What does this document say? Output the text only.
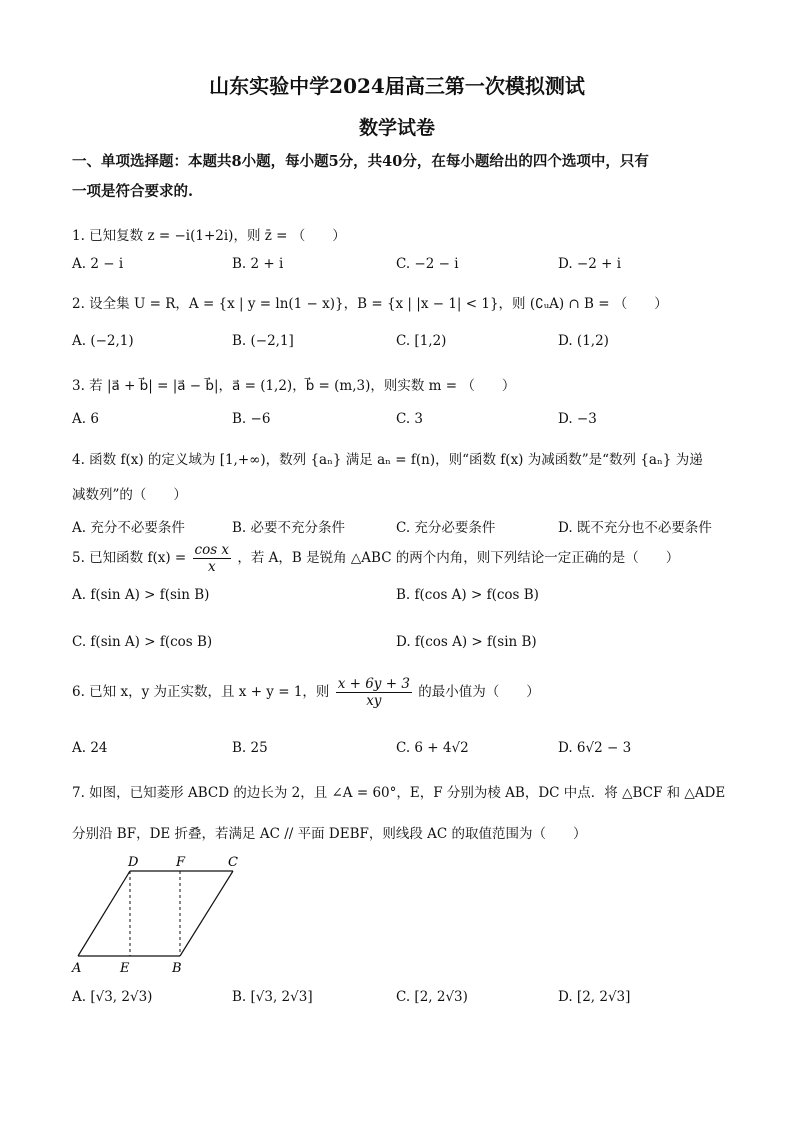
山东实验中学2024届高三第一次模拟测试
数学试卷
一、单项选择题：本题共8小题，每小题5分，共40分，在每小题给出的四个选项中，只有
一项是符合要求的.
1. 已知复数 z = −i(1+2i)，则 z̄ = （　　）
A. 2 − i	B. 2 + i	C. −2 − i	D. −2 + i
2. 设全集 U = R，A = {x | y = ln(1 − x)}，B = {x | |x − 1| < 1}，则 (∁ᵤA) ∩ B = （　　）
A. (−2,1)	B. (−2,1]	C. [1,2)	D. (1,2)
3. 若 |a⃗ + b⃗| = |a⃗ − b⃗|，a⃗ = (1,2)，b⃗ = (m,3)，则实数 m = （　　）
A. 6	B. −6	C. 3	D. −3
4. 函数 f(x) 的定义域为 [1,+∞)，数列 {aₙ} 满足 aₙ = f(n)，则“函数 f(x) 为减函数”是“数列 {aₙ} 为递
减数列”的（　　）
A. 充分不必要条件	B. 必要不充分条件	C. 充分必要条件	D. 既不充分也不必要条件
5. 已知函数 $f(x) = \frac{\text{cos x}}{x}$ ，若 A，B 是锐角 △ABC 的两个内角，则下列结论一定正确的是（　　）
A. f(sin A) > f(sin B)	B. f(cos A) > f(cos B)
C. f(sin A) > f(cos B)	D. f(cos A) > f(sin B)
6. 已知 x，y 为正实数，且 x + y = 1，则 $\frac{x + 6y + 3}{xy}$ 的最小值为（　　）
A. 24	B. 25	C. 6 + 4√2	D. 6√2 − 3
7. 如图，已知菱形 ABCD 的边长为 2，且 ∠A = 60°，E，F 分别为棱 AB，DC 中点．将 △BCF 和 △ADE
分别沿 BF，DE 折叠，若满足 AC // 平面 DEBF，则线段 AC 的取值范围为（　　）
D	F	C
A	E	B
A. [√3, 2√3)	B. [√3, 2√3]	C. [2, 2√3)	D. [2, 2√3]
